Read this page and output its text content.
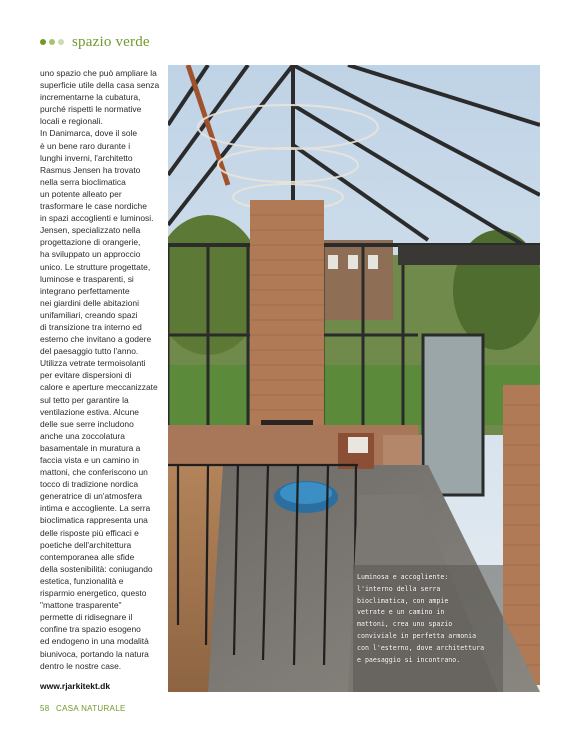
spazio verde

uno spazio che può ampliare la
superficie utile della casa senza
incrementarne la cubatura,
purché rispetti le normative
locali e regionali.
In Danimarca, dove il sole
è un bene raro durante i
lunghi inverni, l'architetto
Rasmus Jensen ha trovato
nella serra bioclimatica
un potente alleato per
trasformare le case nordiche
in spazi accoglienti e luminosi.
Jensen, specializzato nella
progettazione di orangerie,
ha sviluppato un approccio
unico. Le strutture progettate,
luminose e trasparenti, si
integrano perfettamente
nei giardini delle abitazioni
unifamiliari, creando spazi
di transizione tra interno ed
esterno che invitano a godere
del paesaggio tutto l'anno.
Utilizza vetrate termoisolanti
per evitare dispersioni di
calore e aperture meccanizzate
sul tetto per garantire la
ventilazione estiva. Alcune
delle sue serre includono
anche una zoccolatura
basamentale in muratura a
faccia vista e un camino in
mattoni, che conferiscono un
tocco di tradizione nordica
generatrice di un'atmosfera
intima e accogliente. La serra
bioclimatica rappresenta una
delle risposte più efficaci e
poetiche dell'architettura
contemporanea alle sfide
della sostenibilità: coniugando
estetica, funzionalità e
risparmio energetico, questo
"mattone trasparente"
permette di ridisegnare il
confine tra spazio esogeno
ed endogeno in una modalità
biunivoca, portando la natura
dentro le nostre case.

www.rjarkitekt.dk
58 CASA NATURALE
Luminosa e accogliente:
l'interno della serra
bioclimatica, con ampie
vetrate e un camino in
mattoni, crea uno spazio
conviviale in perfetta armonia
con l'esterno, dove architettura
e paesaggio si incontrano.
